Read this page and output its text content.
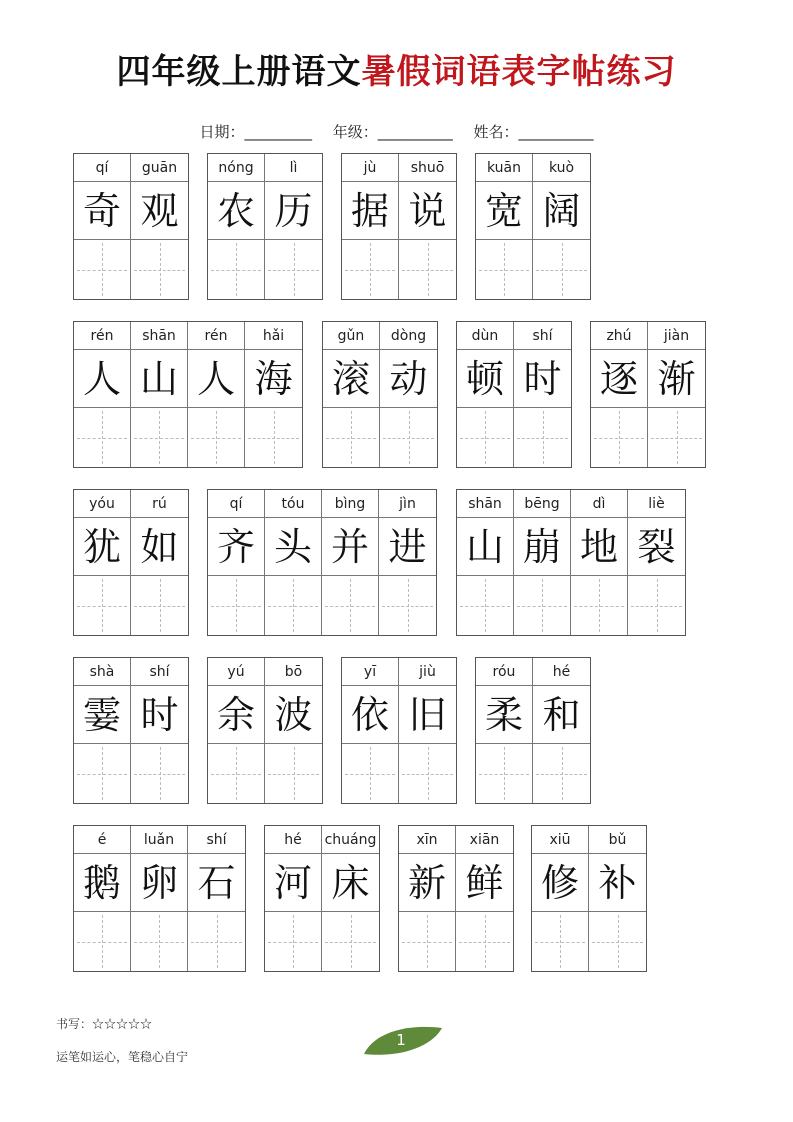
四年级上册语文暑假词语表字帖练习
日期：_________ 年级：__________ 姓名：__________
qí
奇
guān
观
nóng
农
lì
历
jù
据
shuō
说
kuān
宽
kuò
阔
rén
人
shān
山
rén
人
hǎi
海
gǔn
滚
dòng
动
dùn
顿
shí
时
zhú
逐
jiàn
渐
yóu
犹
rú
如
qí
齐
tóu
头
bìng
并
jìn
进
shān
山
bēng
崩
dì
地
liè
裂
shà
霎
shí
时
yú
余
bō
波
yī
依
jiù
旧
róu
柔
hé
和
é
鹅
luǎn
卵
shí
石
hé
河
chuáng
床
xīn
新
xiān
鲜
xiū
修
bǔ
补
书写：☆☆☆☆☆
运笔如运心，笔稳心自宁
1
